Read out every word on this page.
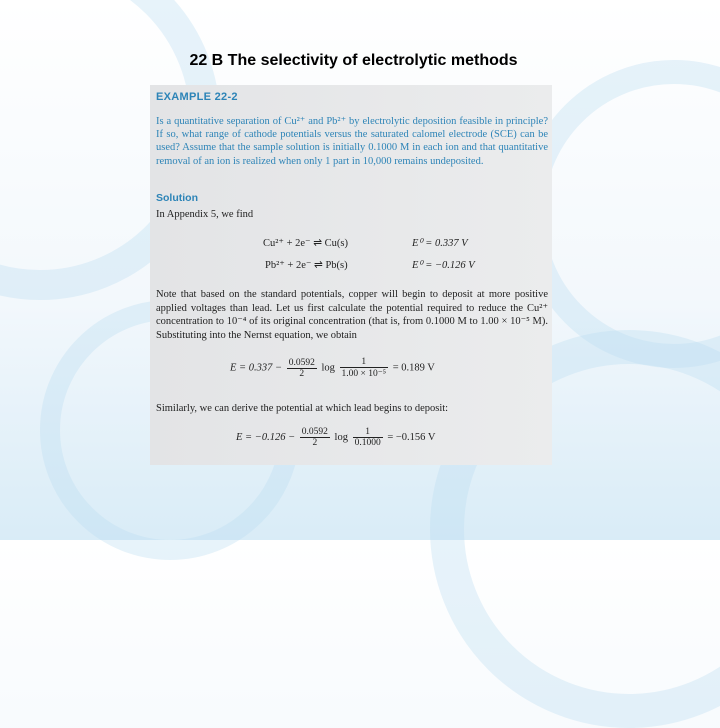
22 B The selectivity of electrolytic methods
EXAMPLE 22-2
Is a quantitative separation of Cu²⁺ and Pb²⁺ by electrolytic deposition feasible in principle? If so, what range of cathode potentials versus the saturated calomel electrode (SCE) can be used? Assume that the sample solution is initially 0.1000 M in each ion and that quantitative removal of an ion is realized when only 1 part in 10,000 remains undeposited.
Solution
In Appendix 5, we find
Cu²⁺ + 2e⁻ ⇌ Cu(s)	E⁰ = 0.337 V
Pb²⁺ + 2e⁻ ⇌ Pb(s)	E⁰ = −0.126 V
Note that based on the standard potentials, copper will begin to deposit at more positive applied voltages than lead. Let us first calculate the potential required to reduce the Cu²⁺ concentration to 10⁻⁴ of its original concentration (that is, from 0.1000 M to 1.00 × 10⁻⁵ M). Substituting into the Nernst equation, we obtain
$E = 0.337 - \frac{0.0592}{2}$ $\log \frac{1}{\text{1.00 × 10⁻⁵}} = 0.189$ V
Similarly, we can derive the potential at which lead begins to deposit:
$E = -0.126 - \frac{0.0592}{2}$ $\log \frac{1}{0.1000} = -0.156$ V
